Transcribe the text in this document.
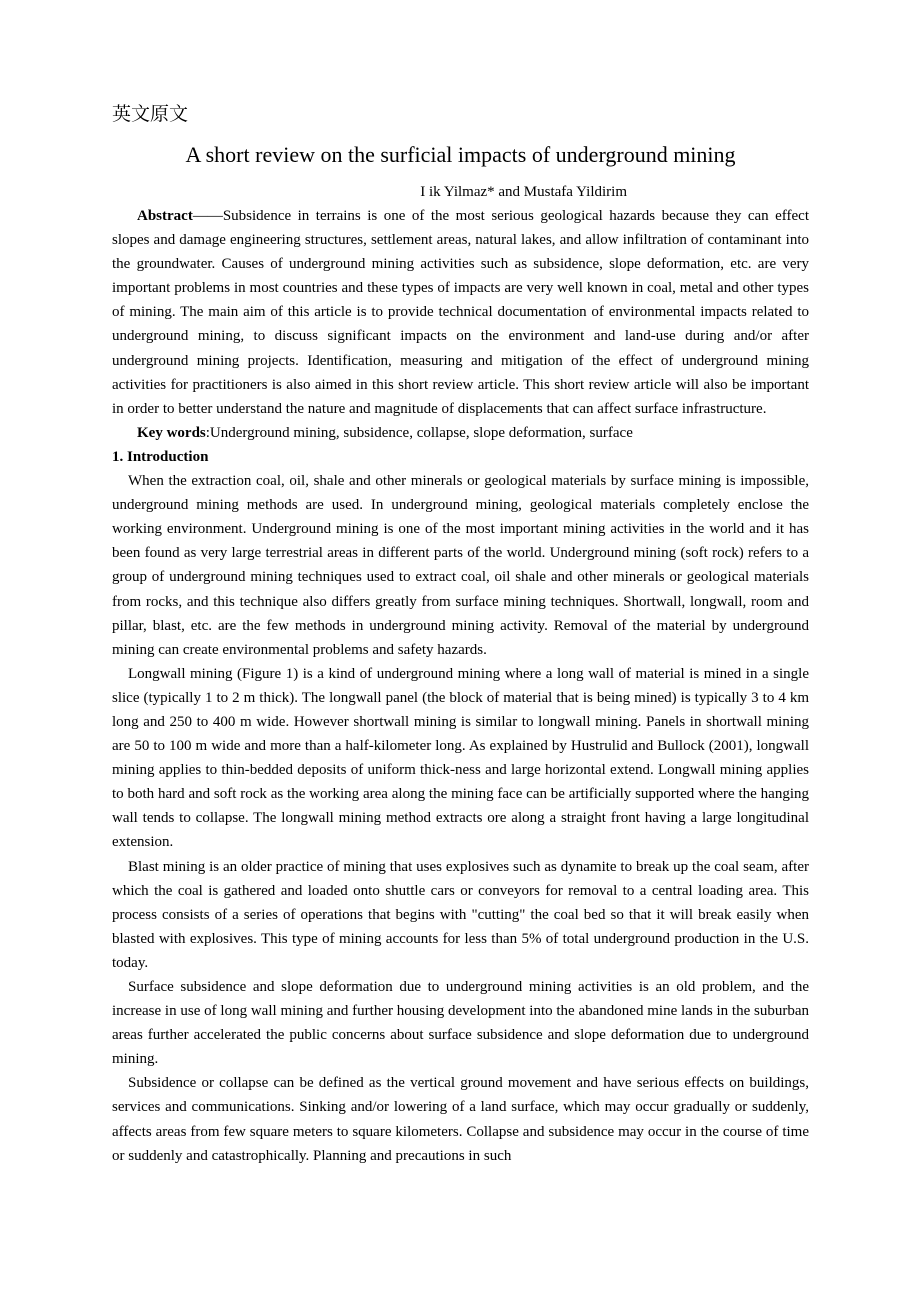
英文原文
A short review on the surficial impacts of underground mining
I ik Yilmaz* and Mustafa Yildirim

Abstract——Subsidence in terrains is one of the most serious geological hazards because they can effect slopes and damage engineering structures, settlement areas, natural lakes, and allow infiltration of contaminant into the groundwater. Causes of underground mining activities such as subsidence, slope deformation, etc. are very important problems in most countries and these types of impacts are very well known in coal, metal and other types of mining. The main aim of this article is to provide technical documentation of environmental impacts related to underground mining, to discuss significant impacts on the environment and land-use during and/or after underground mining projects. Identification, measuring and mitigation of the effect of underground mining activities for practitioners is also aimed in this short review article. This short review article will also be important in order to better understand the nature and magnitude of displacements that can affect surface infrastructure.

Key words:Underground mining, subsidence, collapse, slope deformation, surface

1. Introduction

When the extraction coal, oil, shale and other minerals or geological materials by surface mining is impossible, underground mining methods are used. In underground mining, geological materials completely enclose the working environment. Underground mining is one of the most important mining activities in the world and it has been found as very large terrestrial areas in different parts of the world. Underground mining (soft rock) refers to a group of underground mining techniques used to extract coal, oil shale and other minerals or geological materials from rocks, and this technique also differs greatly from surface mining techniques. Shortwall, longwall, room and pillar, blast, etc. are the few methods in underground mining activity. Removal of the material by underground mining can create environmental problems and safety hazards.

Longwall mining (Figure 1) is a kind of underground mining where a long wall of material is mined in a single slice (typically 1 to 2 m thick). The longwall panel (the block of material that is being mined) is typically 3 to 4 km long and 250 to 400 m wide. However shortwall mining is similar to longwall mining. Panels in shortwall mining are 50 to 100 m wide and more than a half-kilometer long. As explained by Hustrulid and Bullock (2001), longwall mining applies to thin-bedded deposits of uniform thick-ness and large horizontal extend. Longwall mining applies to both hard and soft rock as the working area along the mining face can be artificially supported where the hanging wall tends to collapse. The longwall mining method extracts ore along a straight front having a large longitudinal extension.

Blast mining is an older practice of mining that uses explosives such as dynamite to break up the coal seam, after which the coal is gathered and loaded onto shuttle cars or conveyors for removal to a central loading area. This process consists of a series of operations that begins with "cutting" the coal bed so that it will break easily when blasted with explosives. This type of mining accounts for less than 5% of total underground production in the U.S. today.

Surface subsidence and slope deformation due to underground mining activities is an old problem, and the increase in use of long wall mining and further housing development into the abandoned mine lands in the suburban areas further accelerated the public concerns about surface subsidence and slope deformation due to underground mining.

Subsidence or collapse can be defined as the vertical ground movement and have serious effects on buildings, services and communications. Sinking and/or lowering of a land surface, which may occur gradually or suddenly, affects areas from few square meters to square kilometers. Collapse and subsidence may occur in the course of time or suddenly and catastrophically. Planning and precautions in such
